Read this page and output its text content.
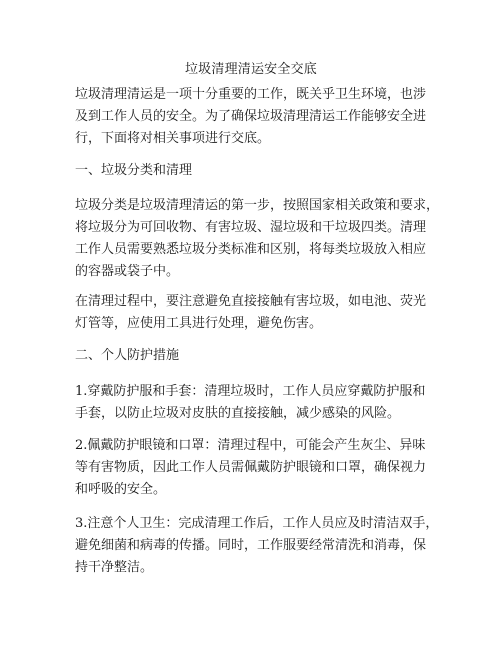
垃圾清理清运安全交底
垃圾清理清运是一项十分重要的工作，既关乎卫生环境，也涉
及到工作人员的安全。为了确保垃圾清理清运工作能够安全进
行，下面将对相关事项进行交底。
一、垃圾分类和清理
垃圾分类是垃圾清理清运的第一步，按照国家相关政策和要求，
将垃圾分为可回收物、有害垃圾、湿垃圾和干垃圾四类。清理
工作人员需要熟悉垃圾分类标准和区别，将每类垃圾放入相应
的容器或袋子中。
在清理过程中，要注意避免直接接触有害垃圾，如电池、荧光
灯管等，应使用工具进行处理，避免伤害。
二、个人防护措施
1.穿戴防护服和手套：清理垃圾时，工作人员应穿戴防护服和
手套，以防止垃圾对皮肤的直接接触，减少感染的风险。
2.佩戴防护眼镜和口罩：清理过程中，可能会产生灰尘、异味
等有害物质，因此工作人员需佩戴防护眼镜和口罩，确保视力
和呼吸的安全。
3.注意个人卫生：完成清理工作后，工作人员应及时清洁双手，
避免细菌和病毒的传播。同时，工作服要经常清洗和消毒，保
持干净整洁。
